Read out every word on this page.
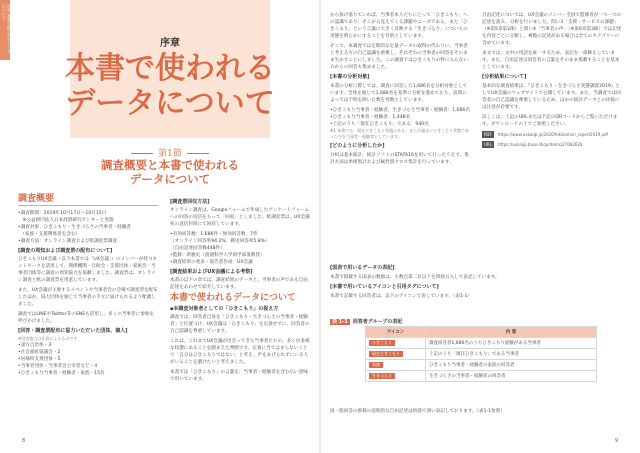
序章 本書で使われるデータについて
序章
本書で使われる
データについて
第1節
調査概要と本書で使われる
データについて
調査概要
•調査期間：2019年10月17日〜10月15日
　※公益財団法人日本経済研究センターと実施
•調査対象：ひきこもり・生きづらさの当事者・経験者
　（家族・支援関係者を含む）
•調査方法：オンライン調査および紙調査票調査
[調査の周知および調査票の配布について]
ひきこもりUX会議（以下本書では「UX会議」）のメンバーが持つネットワークを活用して、関係機関・自助会・支援団体・家族会・当事者団体等に調査の周知協力を依頼しました。調査票は、オンライン調査と紙の調査票を用意しています。
また、UX会議が主催するイベントや当事者会の会場で調査票を配布したほか、協力団体を通じて当事者の手元に届けられるよう配慮しました。
調査ではLINEやTwitter等のSNSも活用し、多くの当事者に参加を呼びかけました。
[回答・調査票配布に協力いただいた団体、個人]
※回答協力は任意によるものです
•諸方自治体・3
•社会福祉協議会・2
•居場所支援団体・5
•当事者団体・当事者会主宰者など・4
•ひきこもり当事者・経験者・家族・15名
[調査票回収方法]
オンライン調査は、Googleフォームで作成したアンケートフォームへの回答の送信をもって「回収」としました。紙調査票は、UX会議宛の返信封筒にて回収しています。
•有効回答数：1,686件・無効回答数：7件
（オンライン回答率94.2%、郵送回答率5.8%）
（自由記述回答数448件）
•監修：新雅史（流通科学大学商学部准教授）
•調査結果の発表・報告書作成：UX会議
[調査結果およびUX会議による考察]
本書の以下の章では、調査結果のデータと、当事者の声である自由記述をあわせて紹介しています。
本書で使われるデータについて
▪本調査対象者としての「ひきこもり」の捉え方
調査では、回答者自身を「ひきこもり・生きづらさの当事者・経験者」と位置づけ、UX会議は「ひきこもり」を定義せずに、回答者の自己認識を尊重しています。
これは、これまでUX会議が出会ってきた当事者たちの、多くが多様な状態にあることを踏まえた判断です。定義に当てはまらないことで「自分はひきこもりではない」と考え、声をあげられずにいる人がいることを避けたいと考えました。
本書では「ひきこもり」の言葉を、当事者・経験者を含む広い意味で用いています。
8
から抜け落ちていれば、当事者本人たちにとって「ひきこもり」への認識であり、そこから見えてくる課題やニーズである。また「ひきこもり」という言葉に大きく反映する「生きづらさ」についての実態を明らかにすることを目的としています。
そこで、本調査では定期的な定量データの取得の代わりに、当事者と考える方の自己認識を重視し、それぞれの当事者の回答をそのまま生かすことにしました。この調査ではひきこもりの枠に入らない方からの回答も集めました。
[本書の分析対象]
本書の分析に際しては、調査に回答した1,686名を分析対象としています。全体を通じて1,686名を基準に分析を進めており、設問によっては不明を除いた数を母数としています。
•ひきこもり当事者・経験者、生きづらさ当事者・経験者：1,686名
•ひきこもり当事者・経験者：1,448名
•上記のうち「現在ひきこもり」である：940名
※1 本書では、現在ひきこもり状態にある、または過去にひきこもり状態であった方を当事者・経験者としています。
[どのように分析したか]
分析は基本統計、統計ソフトのSTATA16を用いて行ったうえで、集計方法は単純集計および属性別クロス集計を行っています。
自由記述については、UX会議のメンバー全員で監修者が一つ一つの記述を読み、分析を行いました。問い3「支援・サービスの課題」（※第5章第2節）と問い4「当事者の声」（※第6章第3節）では記述を内容ごとに分類し、複数の記述がある場合は全てのカテゴリーに含めています。
本文では、文中の用語を統一するため、表記を一部修正しています。また、自由記述は回答者の言葉をそのまま掲載することを基本としています。
[分析結果について]
基本的な調査結果は、『ひきこもり・生きづらさ実態調査2019』としてUX会議のウェブサイトで公開しています。また、当調査では回答者の自己認識を尊重しているため、ほかの統計データとの比較には注意が必要です。
詳しくは、上記のURLまたは下記のQRコードからご覧いただけます。ダウンロードの上でご参照ください。
PDF	https://www.uxkaigi.jp/2020/hikikomori_report2019.pdf
URL	https://uxkaigi.base.shop/items/27682628
[図表で用いるデータの表記]
本書で掲載する図表の数値は、小数点第二位以下を四捨五入して表記しています。
[本書で用いているアイコンと引用タグについて]
本書で記載する回答者は、以下のアイコンで表しています。（表1-1）
表 1-1 回答者グループの表記
アイコン	内 容
ひきこもり	調査回答者1,686名のうちひきこもり経験がある当事者
現在ひきこもり	上記のうち「現在ひきこもり」である当事者
家族	ひきこもり当事者・経験者の家族の回答者
生きづらさ	生きづらさの当事者・経験者の回答者
図一般回答の推移の説明的な自由記述は括弧で囲い表記しております。（表1-1参照）
9
